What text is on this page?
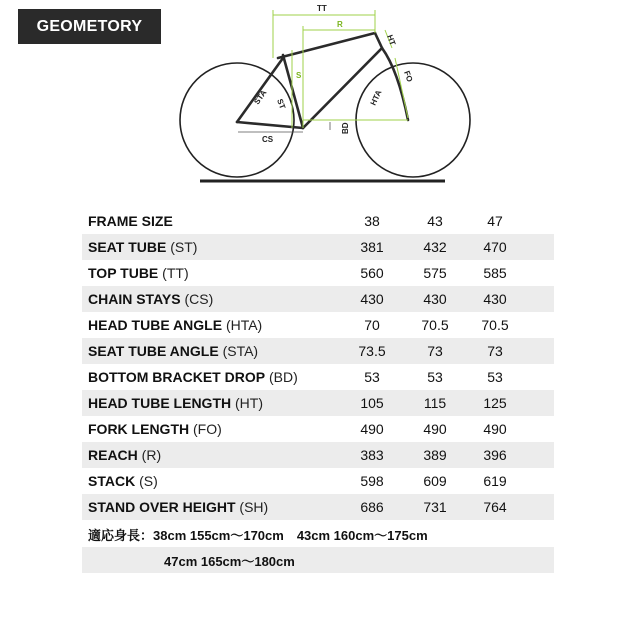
GEOMETORY
TT
R
HT
S	FO
STA ST	HTA
CS
BD
FRAME SIZE	38	43	47
SEAT TUBE (ST)	381	432	470
TOP TUBE (TT)	560	575	585
CHAIN STAYS (CS)	430	430	430
HEAD TUBE ANGLE (HTA)	70	70.5	70.5
SEAT TUBE ANGLE (STA)	73.5	73	73
BOTTOM BRACKET DROP (BD)	53	53	53
HEAD TUBE LENGTH (HT)	105	115	125
FORK LENGTH (FO)	490	490	490
REACH (R)	383	389	396
STACK (S)	598	609	619
STAND OVER HEIGHT (SH)	686	731	764
適応身長：38cm 155cm〜170cm　43cm 160cm〜175cm
47cm 165cm〜180cm
